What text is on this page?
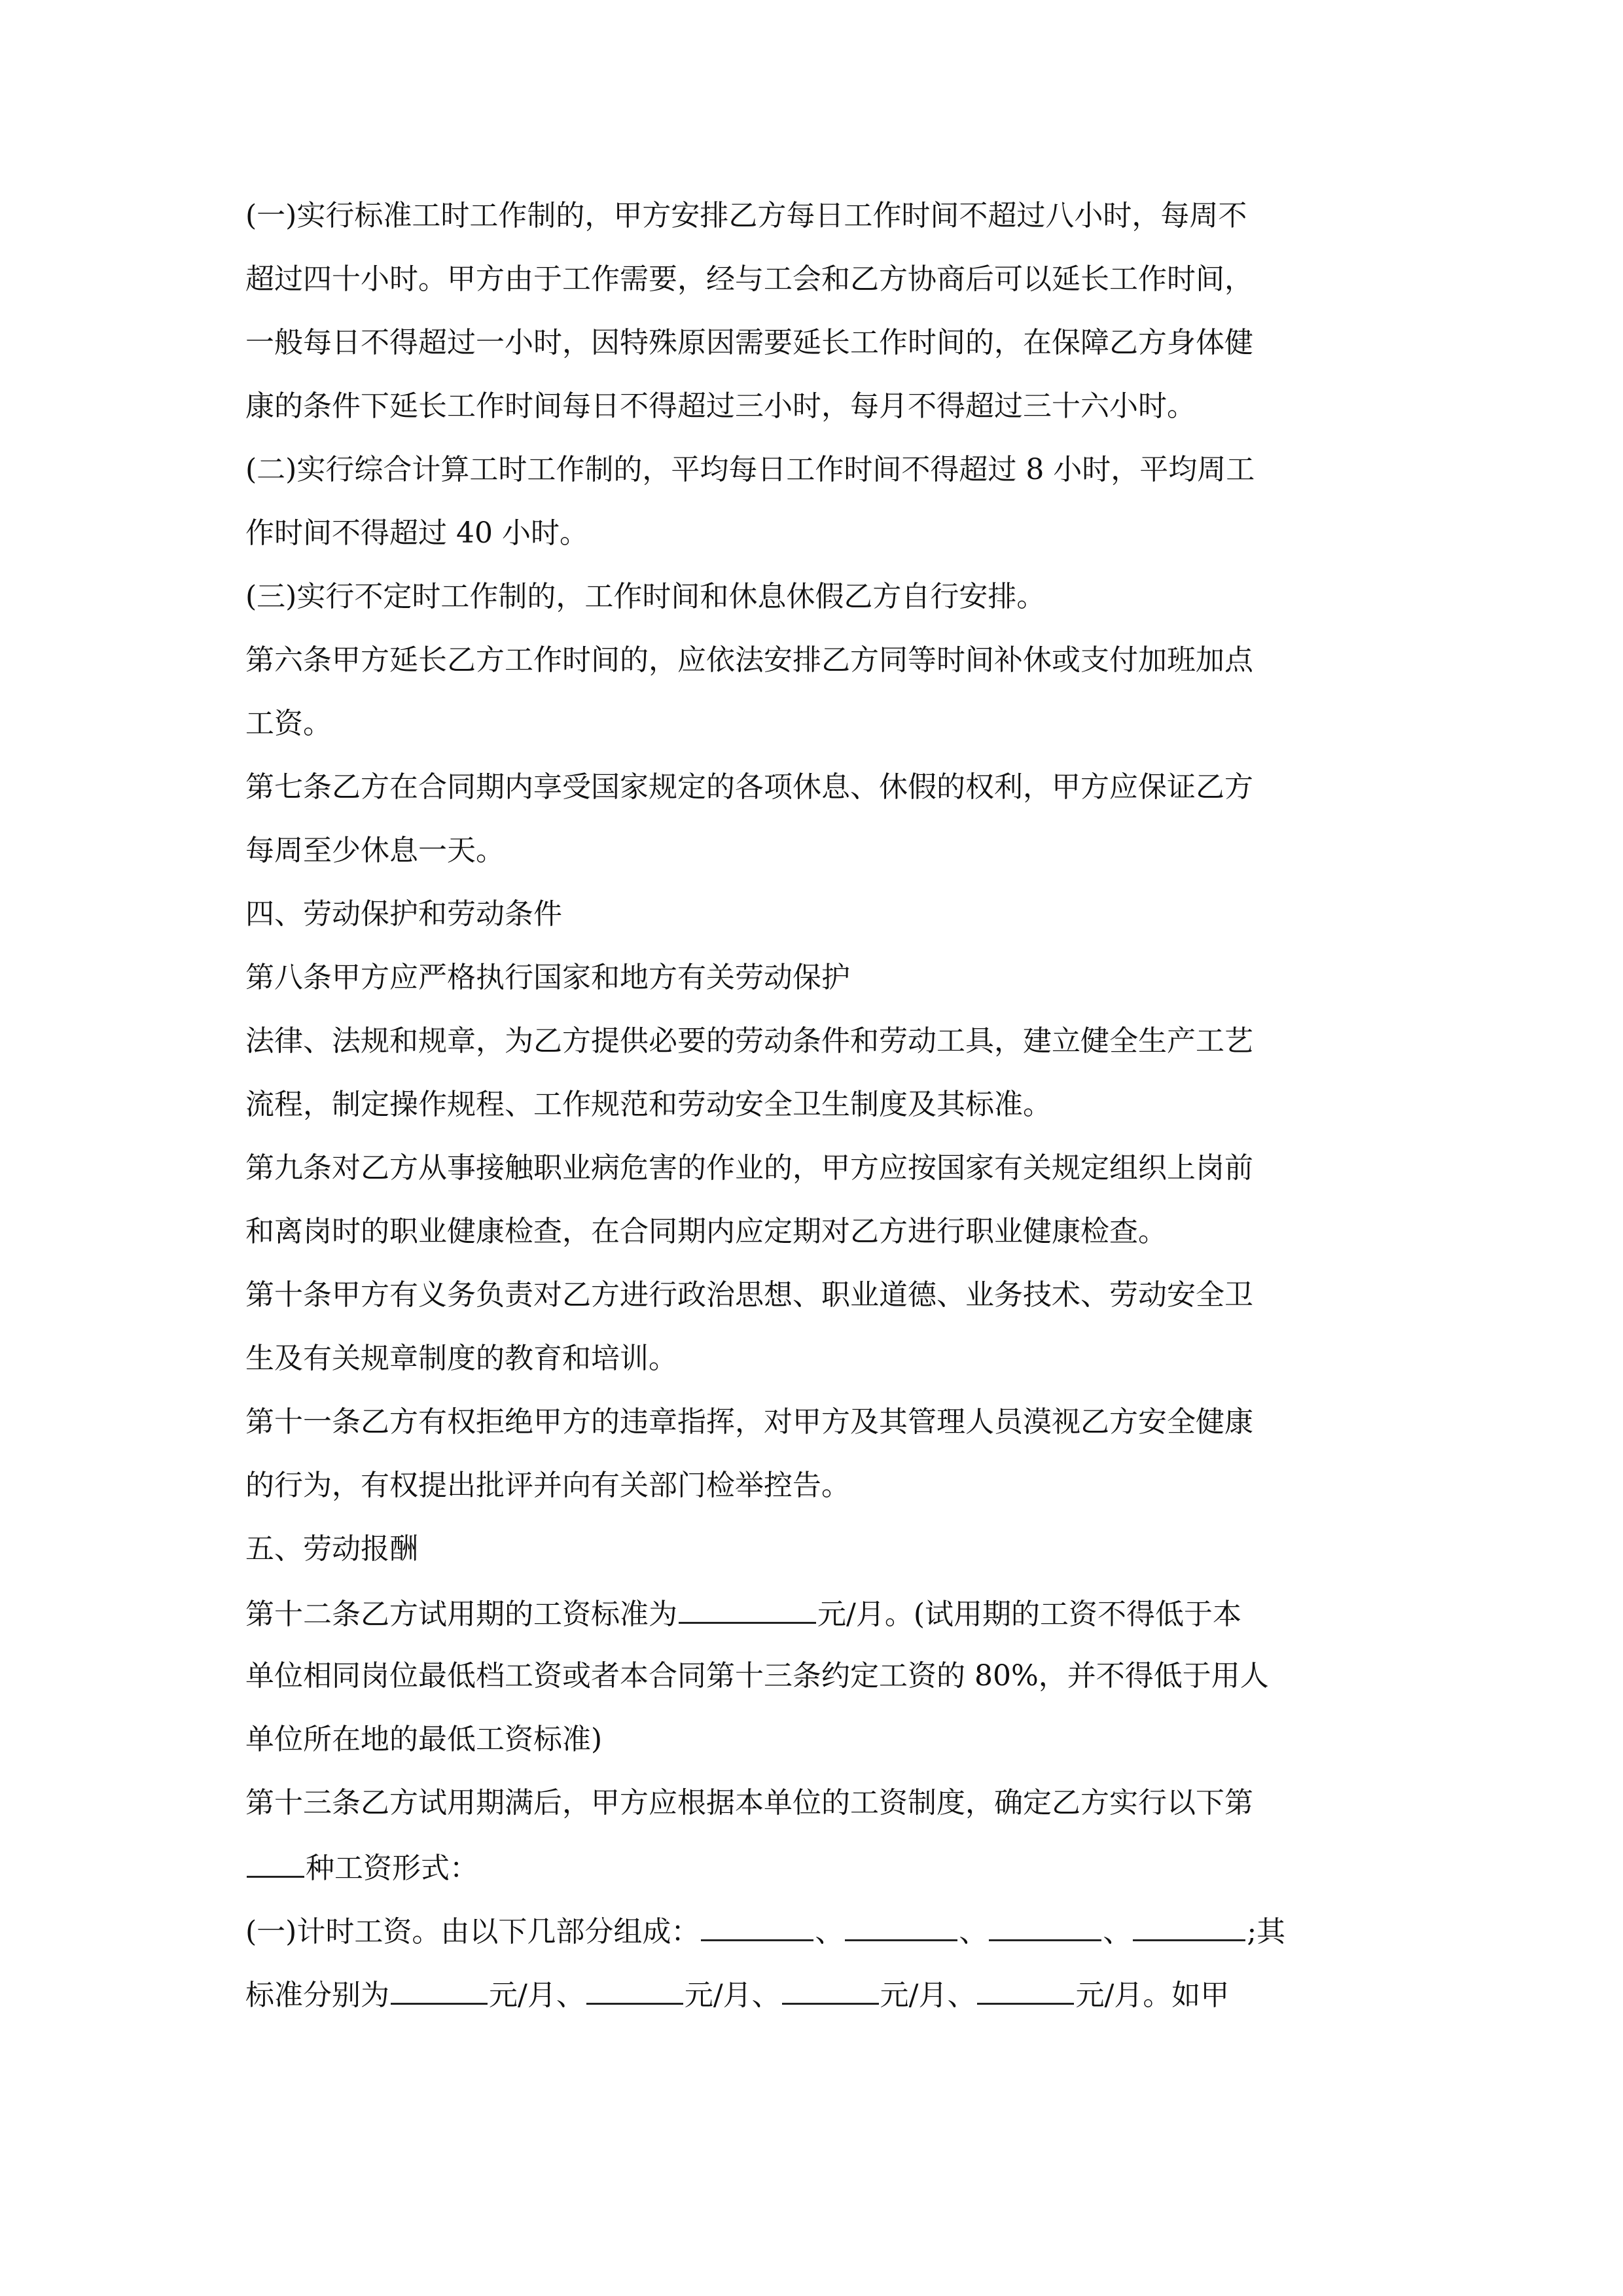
(一)实行标准工时工作制的，甲方安排乙方每日工作时间不超过八小时，每周不
超过四十小时。甲方由于工作需要，经与工会和乙方协商后可以延长工作时间，
一般每日不得超过一小时，因特殊原因需要延长工作时间的，在保障乙方身体健
康的条件下延长工作时间每日不得超过三小时，每月不得超过三十六小时。
(二)实行综合计算工时工作制的，平均每日工作时间不得超过 8 小时，平均周工
作时间不得超过 40 小时。
(三)实行不定时工作制的，工作时间和休息休假乙方自行安排。
第六条甲方延长乙方工作时间的，应依法安排乙方同等时间补休或支付加班加点
工资。
第七条乙方在合同期内享受国家规定的各项休息、休假的权利，甲方应保证乙方
每周至少休息一天。
四、劳动保护和劳动条件
第八条甲方应严格执行国家和地方有关劳动保护
法律、法规和规章，为乙方提供必要的劳动条件和劳动工具，建立健全生产工艺
流程，制定操作规程、工作规范和劳动安全卫生制度及其标准。
第九条对乙方从事接触职业病危害的作业的，甲方应按国家有关规定组织上岗前
和离岗时的职业健康检查，在合同期内应定期对乙方进行职业健康检查。
第十条甲方有义务负责对乙方进行政治思想、职业道德、业务技术、劳动安全卫
生及有关规章制度的教育和培训。
第十一条乙方有权拒绝甲方的违章指挥，对甲方及其管理人员漠视乙方安全健康
的行为，有权提出批评并向有关部门检举控告。
五、劳动报酬
第十二条乙方试用期的工资标准为	元/月。(试用期的工资不得低于本
单位相同岗位最低档工资或者本合同第十三条约定工资的 80%，并不得低于用人
单位所在地的最低工资标准)
第十三条乙方试用期满后，甲方应根据本单位的工资制度，确定乙方实行以下第
种工资形式：
(一)计时工资。由以下几部分组成：	、	、	、	;其
标准分别为	元/月、	元/月、	元/月、	元/月。如甲
